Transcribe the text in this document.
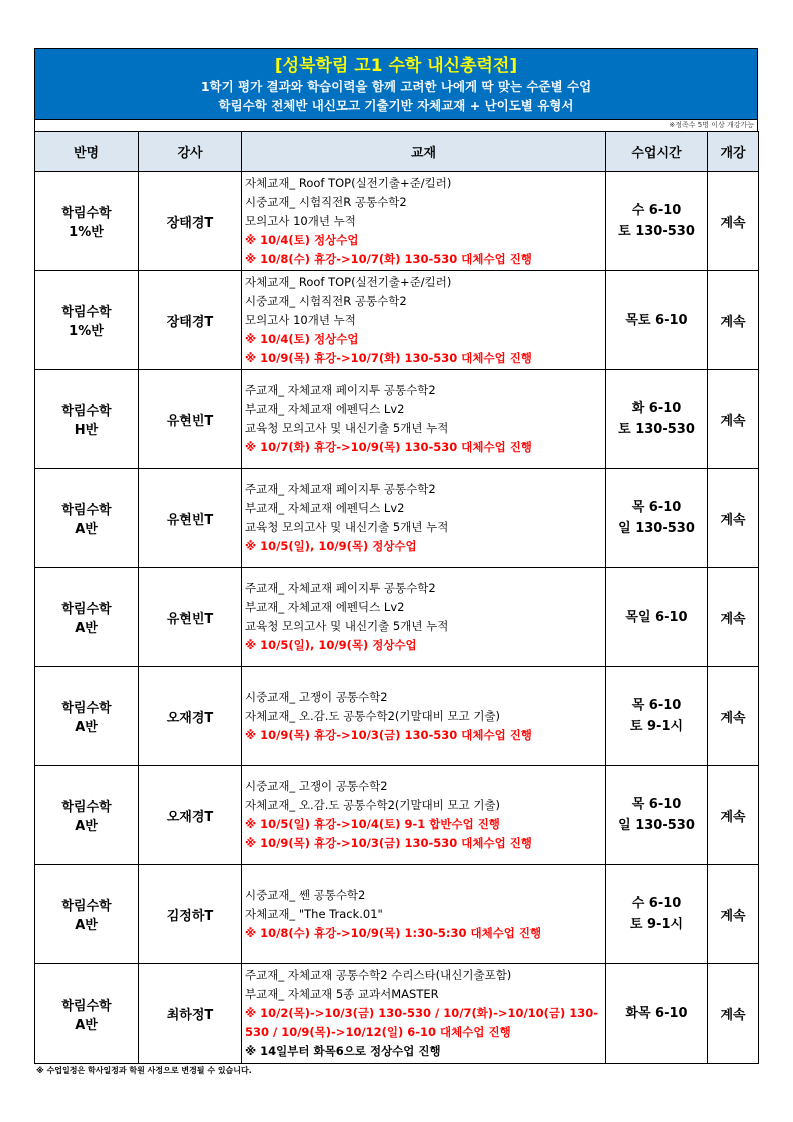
[성북학림 고1 수학 내신총력전]
1학기 평가 결과와 학습이력을 함께 고려한 나에게 딱 맞는 수준별 수업
학림수학 전체반 내신모고 기출기반 자체교재 + 난이도별 유형서
※정족수 5명 이상 개강가능
반명	강사	교재	수업시간	개강

학림수학
1%반	장태경T	자체교재_ Roof TOP(실전기출+준/킬러)
시중교재_ 시험직전R 공통수학2
모의고사 10개년 누적
※ 10/4(토) 정상수업
※ 10/8(수) 휴강->10/7(화) 130-530 대체수업 진행	수 6-10
토 130-530	계속

학림수학
1%반	장태경T	자체교재_ Roof TOP(실전기출+준/킬러)
시중교재_ 시험직전R 공통수학2
모의고사 10개년 누적
※ 10/4(토) 정상수업
※ 10/9(목) 휴강->10/7(화) 130-530 대체수업 진행	목토 6-10	계속

학림수학
H반	유현빈T	주교재_ 자체교재 페이지투 공통수학2
부교재_ 자체교재 에펜딕스 Lv2
교육청 모의고사 및 내신기출 5개년 누적
※ 10/7(화) 휴강->10/9(목) 130-530 대체수업 진행	화 6-10
토 130-530	계속

학림수학
A반	유현빈T	주교재_ 자체교재 페이지투 공통수학2
부교재_ 자체교재 에펜딕스 Lv2
교육청 모의고사 및 내신기출 5개년 누적
※ 10/5(일), 10/9(목) 정상수업	목 6-10
일 130-530	계속

학림수학
A반	유현빈T	주교재_ 자체교재 페이지투 공통수학2
부교재_ 자체교재 에펜딕스 Lv2
교육청 모의고사 및 내신기출 5개년 누적
※ 10/5(일), 10/9(목) 정상수업	목일 6-10	계속

학림수학
A반	오재경T	시중교재_ 고쟁이 공통수학2
자체교재_ 오.감.도 공통수학2(기말대비 모고 기출)
※ 10/9(목) 휴강->10/3(금) 130-530 대체수업 진행	목 6-10
토 9-1시	계속

학림수학
A반	오재경T	시중교재_ 고쟁이 공통수학2
자체교재_ 오.감.도 공통수학2(기말대비 모고 기출)
※ 10/5(일) 휴강->10/4(토) 9-1 합반수업 진행
※ 10/9(목) 휴강->10/3(금) 130-530 대체수업 진행	목 6-10
일 130-530	계속

학림수학
A반	김정하T	시중교재_ 쎈 공통수학2
자체교재_ "The Track.01"
※ 10/8(수) 휴강->10/9(목) 1:30-5:30 대체수업 진행	수 6-10
토 9-1시	계속

학림수학
A반	최하정T	주교재_ 자체교재 공통수학2 수리스타(내신기출포함)
부교재_ 자체교재 5종 교과서MASTER
※ 10/2(목)->10/3(금) 130-530 / 10/7(화)->10/10(금) 130-530 / 10/9(목)->10/12(일) 6-10 대체수업 진행
※ 14일부터 화목6으로 정상수업 진행	화목 6-10	계속
※ 수업일정은 학사일정과 학원 사정으로 변경될 수 있습니다.
